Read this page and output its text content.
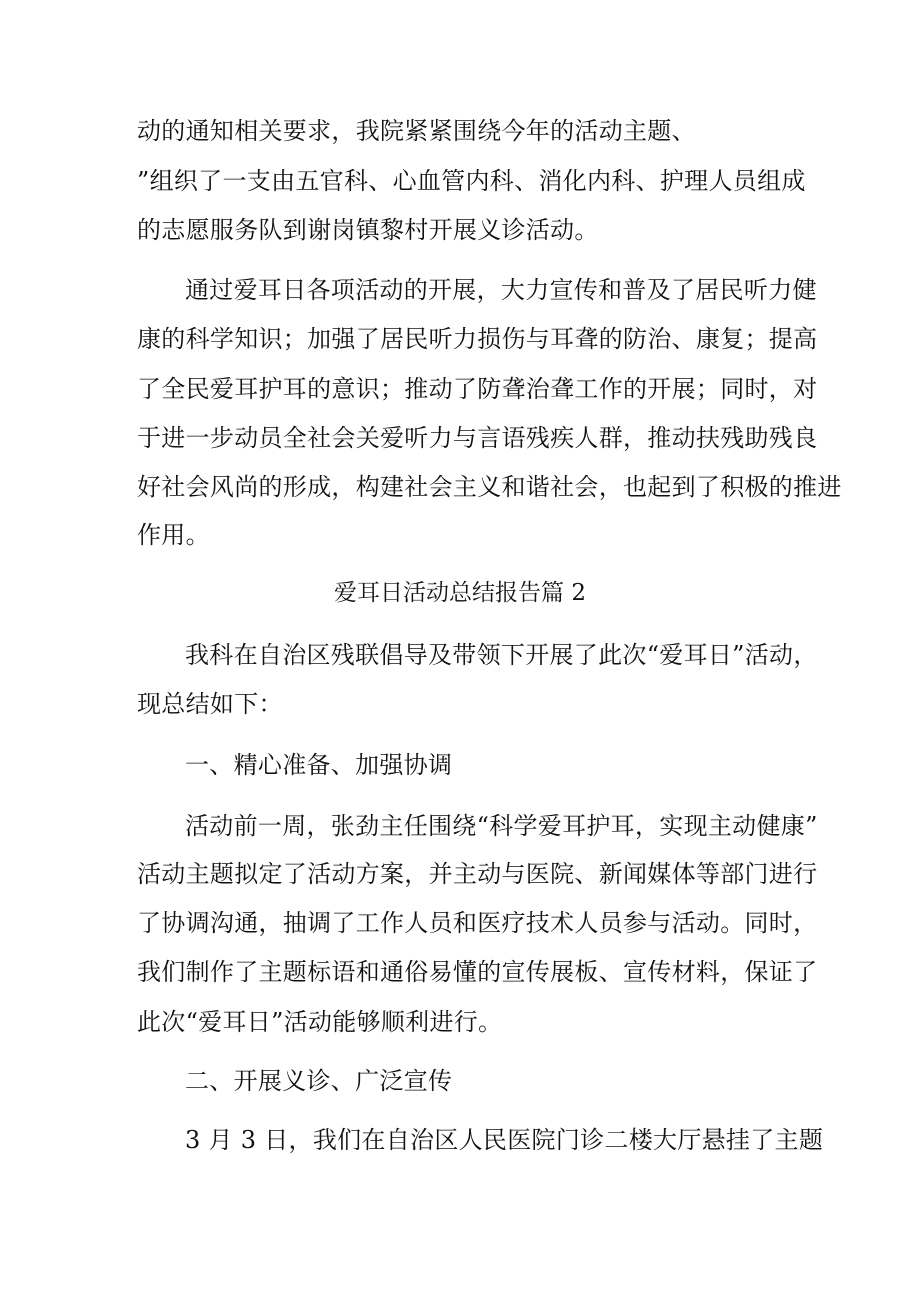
动的通知相关要求，我院紧紧围绕今年的活动主题、

”组织了一支由五官科、心血管内科、消化内科、护理人员组成

的志愿服务队到谢岗镇黎村开展义诊活动。

通过爱耳日各项活动的开展，大力宣传和普及了居民听力健

康的科学知识；加强了居民听力损伤与耳聋的防治、康复；提高

了全民爱耳护耳的意识；推动了防聋治聋工作的开展；同时，对

于进一步动员全社会关爱听力与言语残疾人群，推动扶残助残良

好社会风尚的形成，构建社会主义和谐社会，也起到了积极的推进

作用。

爱耳日活动总结报告篇 2

我科在自治区残联倡导及带领下开展了此次“爱耳日”活动，

现总结如下：

一、精心准备、加强协调

活动前一周，张劲主任围绕“科学爱耳护耳，实现主动健康”

活动主题拟定了活动方案，并主动与医院、新闻媒体等部门进行

了协调沟通，抽调了工作人员和医疗技术人员参与活动。同时，

我们制作了主题标语和通俗易懂的宣传展板、宣传材料，保证了

此次“爱耳日”活动能够顺利进行。

二、开展义诊、广泛宣传

3 月 3 日，我们在自治区人民医院门诊二楼大厅悬挂了主题
